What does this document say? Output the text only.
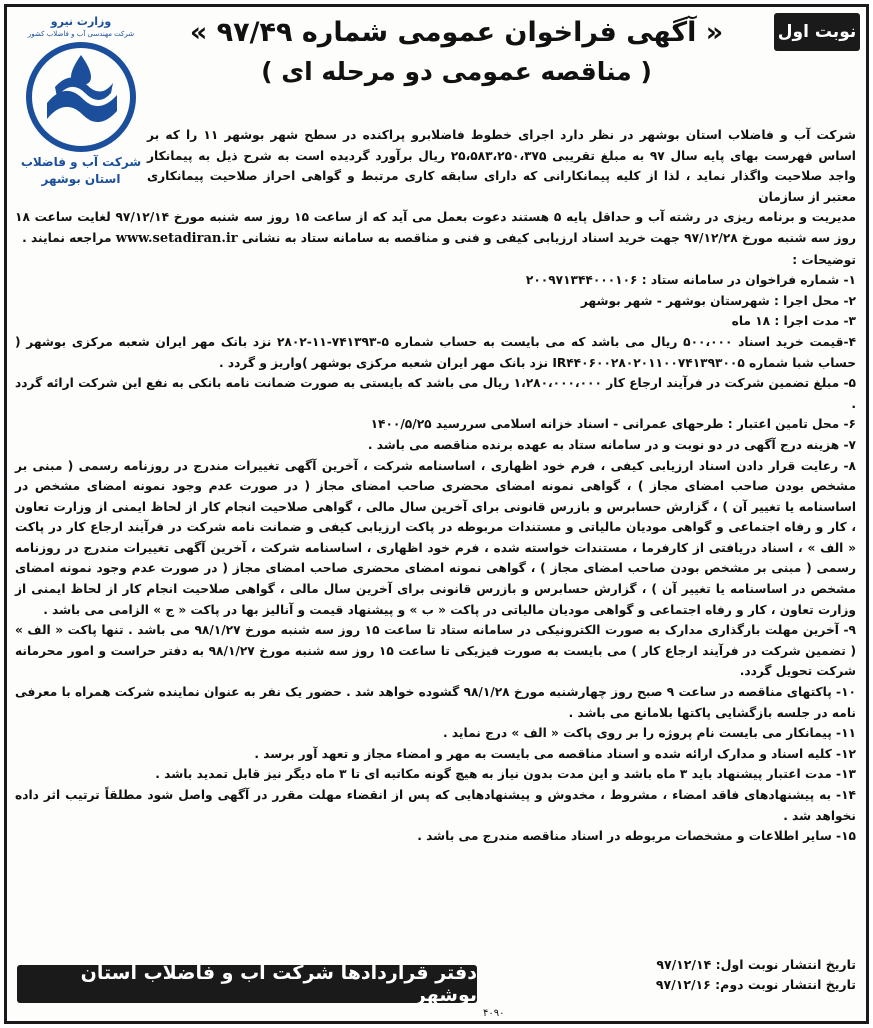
نوبت اول
« آگهی فراخوان عمومی شماره ۹۷/۴۹ »
( مناقصه عمومی دو مرحله ای )
وزارت نیرو
شرکت مهندسی آب و فاضلاب کشور
شرکت آب و فاضلاب
استان بوشهر
شرکت آب و فاضلاب استان بوشهر در نظر دارد اجرای خطوط فاضلابرو پراکنده در سطح شهر بوشهر ۱۱ را که بر اساس فهرست بهای پایه سال ۹۷ به مبلغ تقریبی ۲۵،۵۸۳،۲۵۰،۳۷۵ ریال برآورد گردیده است به شرح ذیل به پیمانکار واجد صلاحیت واگذار نماید ، لذا از کلیه پیمانکارانی که دارای سابقه کاری مرتبط و گواهی احراز صلاحیت پیمانکاری معتبر از سازمان
مدیریت و برنامه ریزی در رشته آب و حداقل پایه ۵ هستند دعوت بعمل می آید که از ساعت ۱۵ روز سه شنبه مورخ ۹۷/۱۲/۱۴ لغایت ساعت ۱۸ روز سه شنبه مورخ ۹۷/۱۲/۲۸ جهت خرید اسناد ارزیابی کیفی و فنی و مناقصه به سامانه ستاد به نشانی www.setadiran.ir مراجعه نمایند .
توضیحات :

۱- شماره فراخوان در سامانه ستاد : ۲۰۰۹۷۱۳۴۴۰۰۰۱۰۶

۲- محل اجرا : شهرستان بوشهر - شهر بوشهر

۳- مدت اجرا : ۱۸ ماه

۴-قیمت خرید اسناد ۵۰۰،۰۰۰ ریال می باشد که می بایست به حساب شماره ۵-۷۴۱۳۹۳-۱۱-۲۸۰۲ نزد بانک مهر ایران شعبه مرکزی بوشهر ( حساب شبا شماره IR۴۴۰۶۰۰۲۸۰۲۰۱۱۰۰۷۴۱۳۹۳۰۰۵ نزد بانک مهر ایران شعبه مرکزی بوشهر )واریز و گردد .

۵- مبلغ تضمین شرکت در فرآیند ارجاع کار ۱،۲۸۰،۰۰۰،۰۰۰ ریال می باشد که بایستی به صورت ضمانت نامه بانکی به نفع این شرکت ارائه گردد .

۶- محل تامین اعتبار : طرحهای عمرانی - اسناد خزانه اسلامی سررسید ۱۴۰۰/۵/۲۵

۷- هزینه درج آگهی در دو نوبت و در سامانه ستاد به عهده برنده مناقصه می باشد .

۸- رعایت قرار دادن اسناد ارزیابی کیفی ، فرم خود اظهاری ، اساسنامه شرکت ، آخرین آگهی تغییرات مندرج در روزنامه رسمی ( مبنی بر مشخص بودن صاحب امضای مجاز ) ، گواهی نمونه امضای محضری صاحب امضای مجاز ( در صورت عدم وجود نمونه امضای مشخص در اساسنامه یا تغییر آن ) ، گزارش حسابرس و بازرس قانونی برای آخرین سال مالی ، گواهی صلاحیت انجام کار از لحاظ ایمنی از وزارت تعاون ، کار و رفاه اجتماعی و گواهی مودیان مالیاتی و مستندات مربوطه در پاکت ارزیابی کیفی و ضمانت نامه شرکت در فرآیند ارجاع کار در پاکت « الف » ، اسناد دریافتی از کارفرما ، مستندات خواسته شده ، فرم خود اظهاری ، اساسنامه شرکت ، آخرین آگهی تغییرات مندرج در روزنامه رسمی ( مبنی بر مشخص بودن صاحب امضای مجاز ) ، گواهی نمونه امضای محضری صاحب امضای مجاز ( در صورت عدم وجود نمونه امضای مشخص در اساسنامه یا تغییر آن ) ، گزارش حسابرس و بازرس قانونی برای آخرین سال مالی ، گواهی صلاحیت انجام کار از لحاظ ایمنی از وزارت تعاون ، کار و رفاه اجتماعی و گواهی مودیان مالیاتی در پاکت « ب » و پیشنهاد قیمت و آنالیز بها در پاکت « ج » الزامی می باشد .

۹- آخرین مهلت بارگذاری مدارک به صورت الکترونیکی در سامانه ستاد تا ساعت ۱۵ روز سه شنبه مورخ ۹۸/۱/۲۷ می باشد . تنها پاکت « الف » ( تضمین شرکت در فرآیند ارجاع کار ) می بایست به صورت فیزیکی تا ساعت ۱۵ روز سه شنبه مورخ ۹۸/۱/۲۷ به دفتر حراست و امور محرمانه شرکت تحویل گردد.

۱۰- پاکتهای مناقصه در ساعت ۹ صبح روز چهارشنبه مورخ ۹۸/۱/۲۸ گشوده خواهد شد . حضور یک نفر به عنوان نماینده شرکت همراه با معرفی نامه در جلسه بازگشایی پاکتها بلامانع می باشد .

۱۱- پیمانکار می بایست نام پروژه را بر روی پاکت « الف » درج نماید .

۱۲- کلیه اسناد و مدارک ارائه شده و اسناد مناقصه می بایست به مهر و امضاء مجاز و تعهد آور برسد .

۱۳- مدت اعتبار پیشنهاد باید ۳ ماه باشد و این مدت بدون نیاز به هیچ گونه مکاتبه ای تا ۳ ماه دیگر نیز قابل تمدید باشد .

۱۴- به پیشنهادهای فاقد امضاء ، مشروط ، مخدوش و پیشنهادهایی که پس از انقضاء مهلت مقرر در آگهی واصل شود مطلقاً ترتیب اثر داده نخواهد شد .

۱۵- سایر اطلاعات و مشخصات مربوطه در اسناد مناقصه مندرج می باشد .

تاریخ انتشار نوبت اول: ۹۷/۱۲/۱۴
تاریخ انتشار نوبت دوم: ۹۷/۱۲/۱۶
دفتر قراردادها شرکت آب و فاضلاب استان بوشهر
۴۰۹۰
